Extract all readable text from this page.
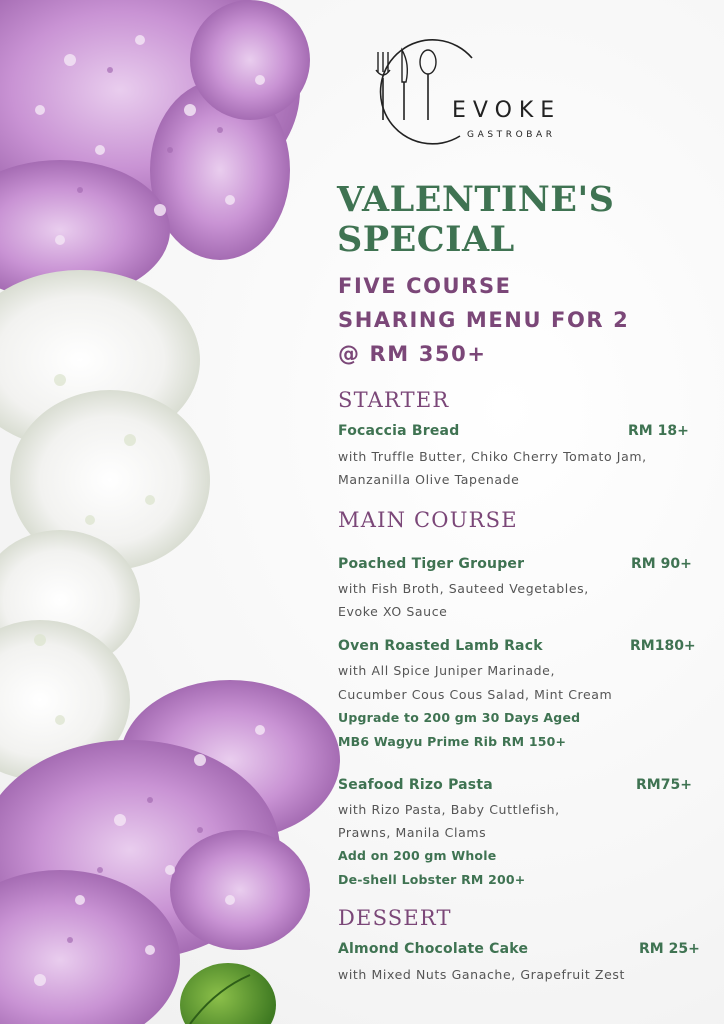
EVOKE
GASTROBAR
VALENTINE'S
SPECIAL
FIVE COURSE
SHARING MENU FOR 2
@ RM 350+
STARTER
Focaccia Bread	RM 18+
with Truffle Butter, Chiko Cherry Tomato Jam,
Manzanilla Olive Tapenade
MAIN COURSE
Poached Tiger Grouper	RM 90+
with Fish Broth, Sauteed Vegetables,
Evoke XO Sauce
Oven Roasted Lamb Rack	RM180+
with All Spice Juniper Marinade,
Cucumber Cous Cous Salad, Mint Cream
Upgrade to 200 gm 30 Days Aged
MB6 Wagyu Prime Rib RM 150+
Seafood Rizo Pasta	RM75+
with Rizo Pasta, Baby Cuttlefish,
Prawns, Manila Clams
Add on 200 gm Whole
De-shell Lobster RM 200+
DESSERT
Almond Chocolate Cake	RM 25+
with Mixed Nuts Ganache, Grapefruit Zest
